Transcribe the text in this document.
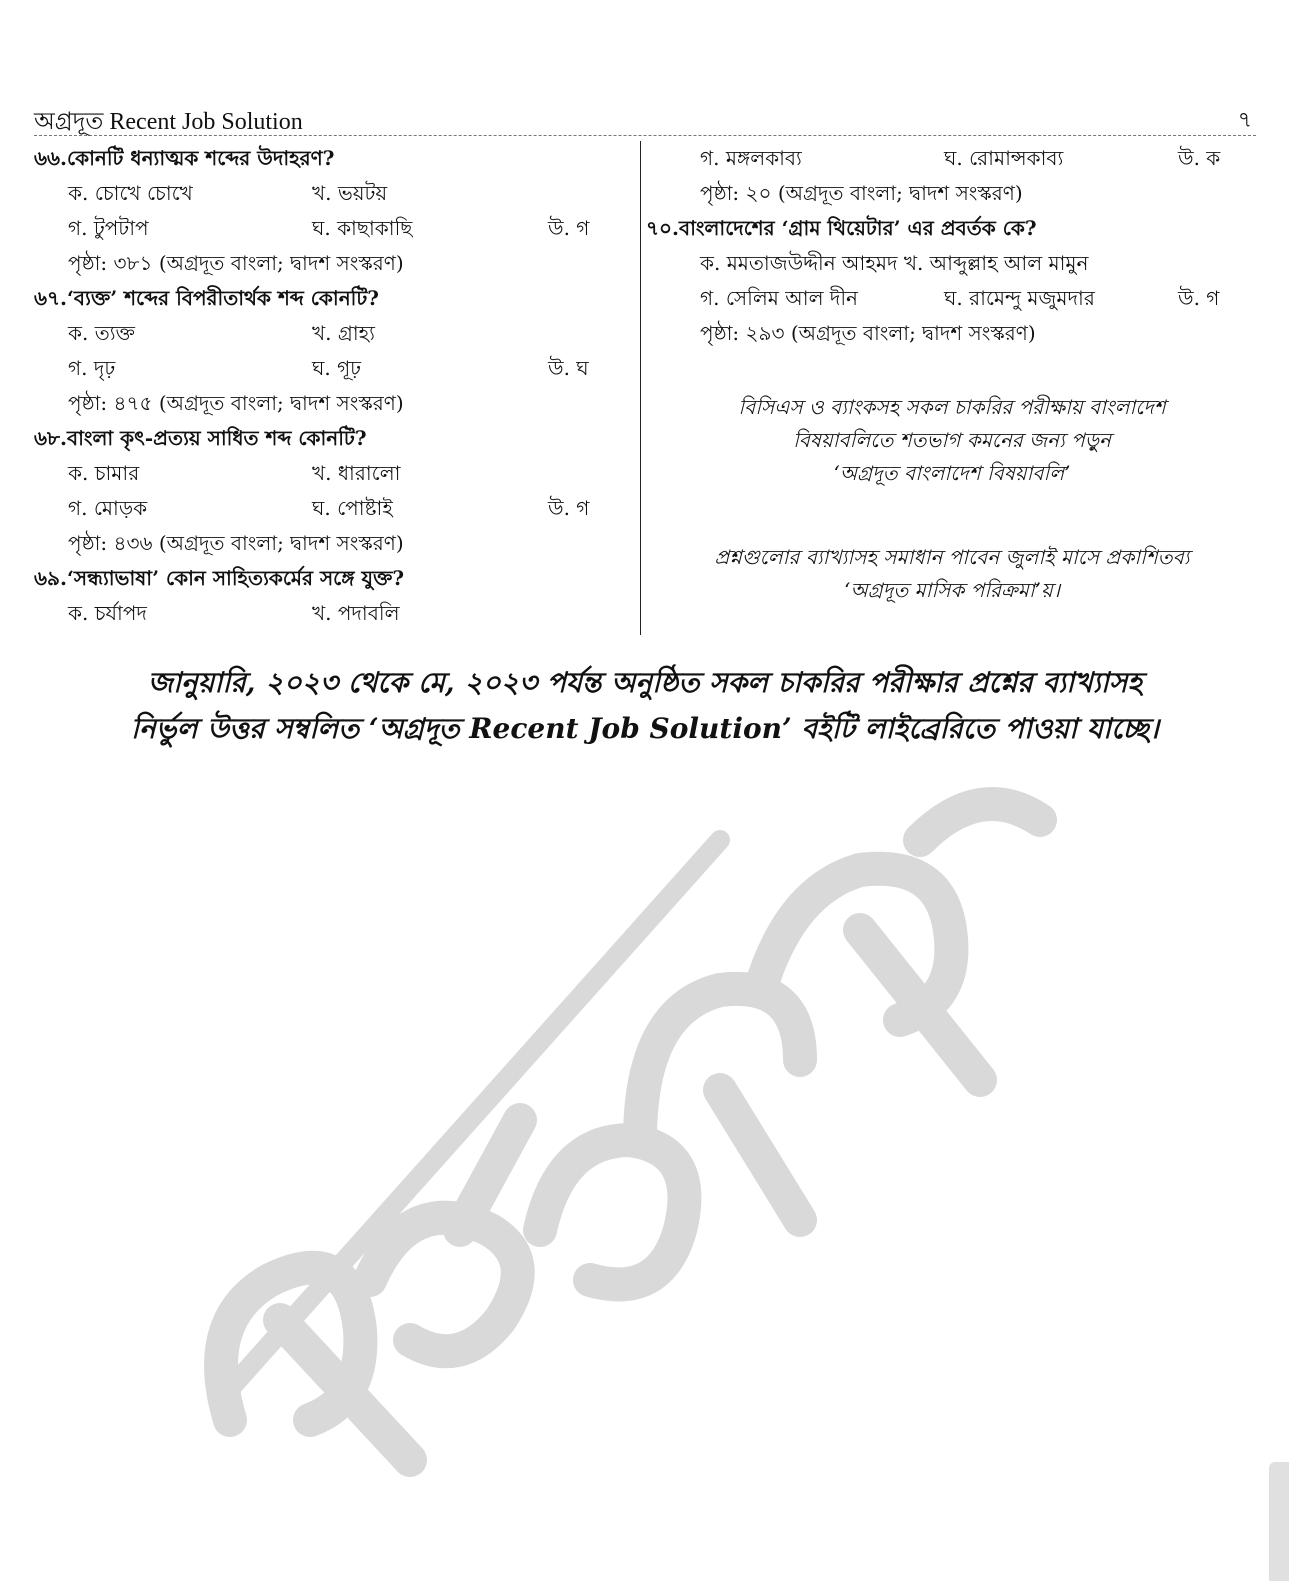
অগ্রদূত Recent Job Solution	৭
৬৬.কোনটি ধন্যাত্মক শব্দের উদাহরণ?
ক. চোখে চোখে	খ. ভয়টয়
গ. টুপটাপ	ঘ. কাছাকাছি	উ. গ
পৃষ্ঠা: ৩৮১ (অগ্রদূত বাংলা; দ্বাদশ সংস্করণ)
৬৭.‘ব্যক্ত’ শব্দের বিপরীতার্থক শব্দ কোনটি?
ক. ত্যক্ত	খ. গ্রাহ্য
গ. দৃঢ়	ঘ. গূঢ়	উ. ঘ
পৃষ্ঠা: ৪৭৫ (অগ্রদূত বাংলা; দ্বাদশ সংস্করণ)
৬৮.বাংলা কৃৎ-প্রত্যয় সাধিত শব্দ কোনটি?
ক. চামার	খ. ধারালো
গ. মোড়ক	ঘ. পোষ্টাই	উ. গ
পৃষ্ঠা: ৪৩৬ (অগ্রদূত বাংলা; দ্বাদশ সংস্করণ)
৬৯.‘সন্ধ্যাভাষা’ কোন সাহিত্যকর্মের সঙ্গে যুক্ত?
ক. চর্যাপদ	খ. পদাবলি
গ. মঙ্গলকাব্য	ঘ. রোমান্সকাব্য	উ. ক
পৃষ্ঠা: ২০ (অগ্রদূত বাংলা; দ্বাদশ সংস্করণ)
৭০.বাংলাদেশের ‘গ্রাম থিয়েটার’ এর প্রবর্তক কে?
ক. মমতাজউদ্দীন আহমদ খ. আব্দুল্লাহ আল মামুন
গ. সেলিম আল দীন	ঘ. রামেন্দু মজুমদার	উ. গ
পৃষ্ঠা: ২৯৩ (অগ্রদূত বাংলা; দ্বাদশ সংস্করণ)
বিসিএস ও ব্যাংকসহ সকল চাকরির পরীক্ষায় বাংলাদেশ
বিষয়াবলিতে শতভাগ কমনের জন্য পড়ুন
‘অগ্রদূত বাংলাদেশ বিষয়াবলি’
প্রশ্নগুলোর ব্যাখ্যাসহ সমাধান পাবেন জুলাই মাসে প্রকাশিতব্য
‘অগ্রদূত মাসিক পরিক্রমা’য়।
জানুয়ারি, ২০২৩ থেকে মে, ২০২৩ পর্যন্ত অনুষ্ঠিত সকল চাকরির পরীক্ষার প্রশ্নের ব্যাখ্যাসহ
নির্ভুল উত্তর সম্বলিত ‘অগ্রদূত Recent Job Solution’ বইটি লাইব্রেরিতে পাওয়া যাচ্ছে।
